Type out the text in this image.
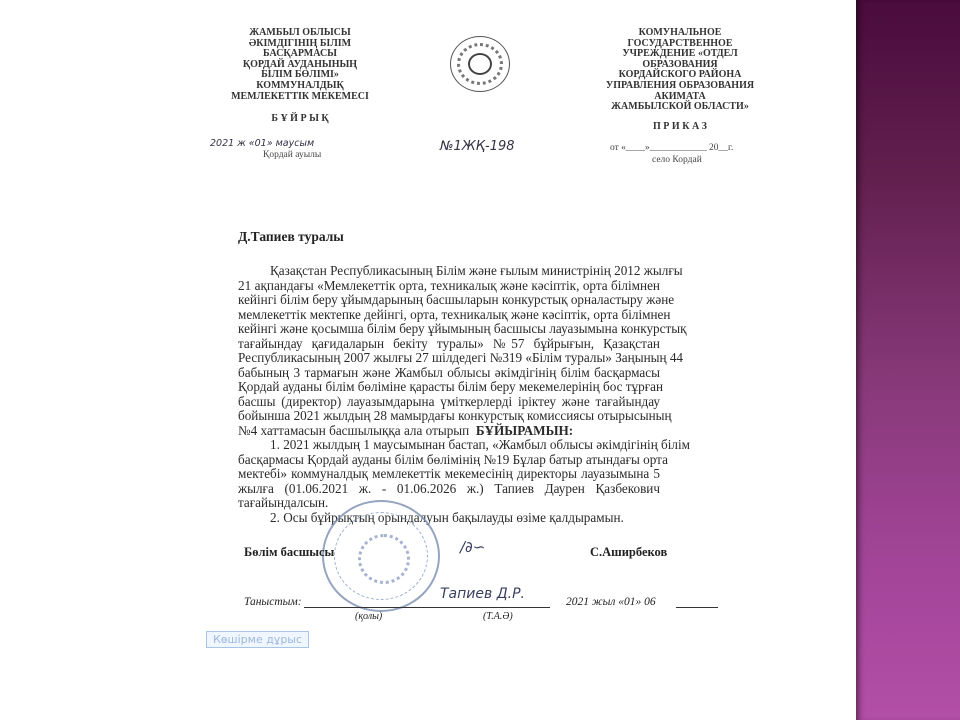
ЖАМБЫЛ ОБЛЫСЫ
ӘКІМДІГІНІҢ БІЛІМ
БАСҚАРМАСЫ
ҚОРДАЙ АУДАНЫНЫҢ
БІЛІМ БӨЛІМІ»
КОММУНАЛДЫҚ
МЕМЛЕКЕТТІК МЕКЕМЕСІ
Б Ұ Й Р Ы Қ
2021 ж «01» маусым
Қордай ауылы
№1ЖҚ-198
КОМУНАЛЬНОЕ
ГОСУДАРСТВЕННОЕ
УЧРЕЖДЕНИЕ «ОТДЕЛ
ОБРАЗОВАНИЯ
КОРДАЙСКОГО РАЙОНА
УПРАВЛЕНИЯ ОБРАЗОВАНИЯ
АКИМАТА
ЖАМБЫЛСКОЙ ОБЛАСТИ»
П Р И К А З
от «____»____________ 20__г.
село Кордай
Д.Тапиев туралы
Қазақстан Республикасының Білім және ғылым министрінің 2012 жылғы
21 ақпандағы «Мемлекеттік орта, техникалық және кәсіптік, орта білімнен
кейінгі білім беру ұйымдарының басшыларын конкурстық орналастыру және
мемлекеттік мектепке дейінгі, орта, техникалық және кәсіптік, орта білімнен
кейінгі және қосымша білім беру ұйымының басшысы лауазымына конкурстық
тағайындау қағидаларын бекіту туралы» №57 бұйрығын, Қазақстан
Республикасының 2007 жылғы 27 шілдедегі №319 «Білім туралы» Заңының 44
бабының 3 тармағын және Жамбыл облысы әкімдігінің білім басқармасы
Қордай ауданы білім бөліміне қарасты білім беру мекемелерінің бос тұрған
басшы (директор) лауазымдарына үміткерлерді іріктеу және тағайындау
бойынша 2021 жылдың 28 мамырдағы конкурстық комиссиясы отырысының
№4 хаттамасын басшылыққа ала отырып БҰЙЫРАМЫН:
1. 2021 жылдың 1 маусымынан бастап, «Жамбыл облысы әкімдігінің білім
басқармасы Қордай ауданы білім бөлімінің №19 Бұлар батыр атындағы орта
мектебі» коммуналдық мемлекеттік мекемесінің директоры лауазымына 5
жылға (01.06.2021 ж. - 01.06.2026 ж.) Тапиев Даурен Қазбекович
тағайындалсын.
2. Осы бұйрықтың орындалуын бақылауды өзіме қалдырамын.
Бөлім басшысы	С.Аширбеков
∕∂∽
Таныстым:	Тапиев Д.Р.	2021 жыл «01» 06
(қолы)	(Т.А.Ә)
Көшірме дұрыс
